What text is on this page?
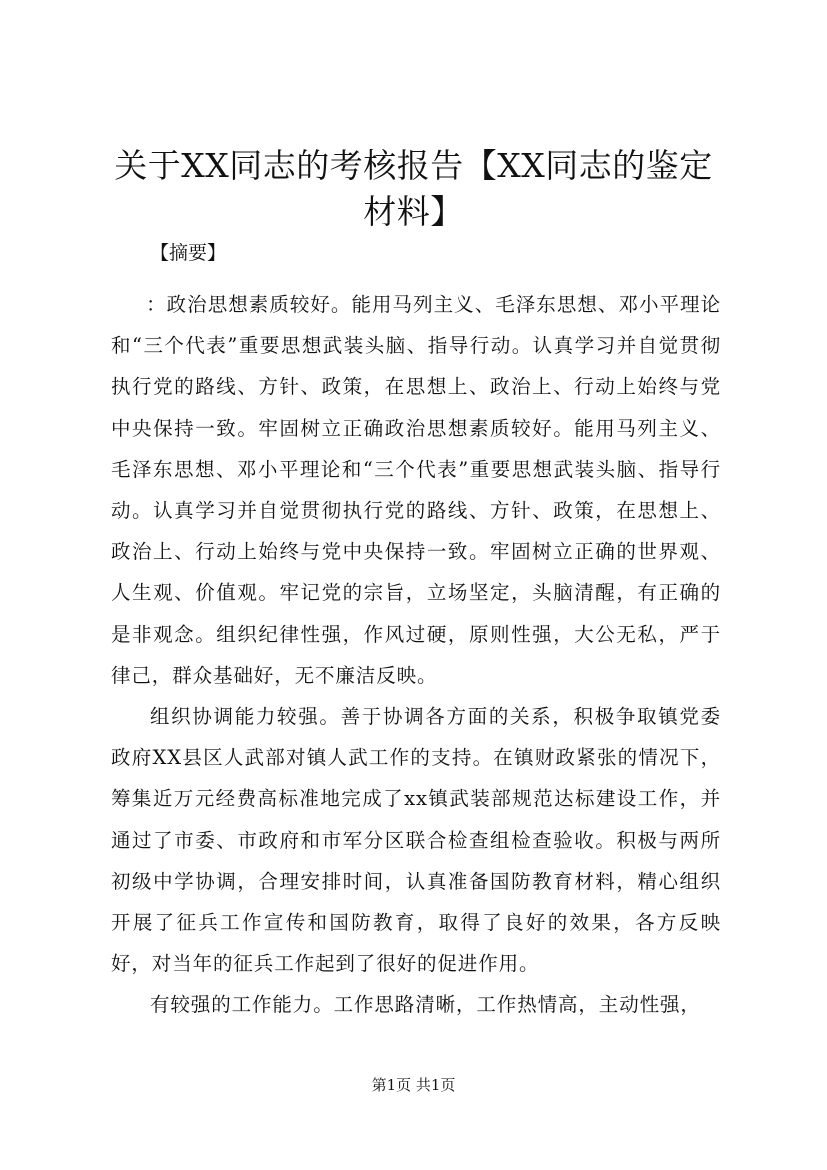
关于XX同志的考核报告【XX同志的鉴定材料】
【摘要】

：政治思想素质较好。能用马列主义、毛泽东思想、邓小平理论和“三个代表”重要思想武装头脑、指导行动。认真学习并自觉贯彻执行党的路线、方针、政策，在思想上、政治上、行动上始终与党中央保持一致。牢固树立正确政治思想素质较好。能用马列主义、毛泽东思想、邓小平理论和“三个代表”重要思想武装头脑、指导行动。认真学习并自觉贯彻执行党的路线、方针、政策，在思想上、政治上、行动上始终与党中央保持一致。牢固树立正确的世界观、人生观、价值观。牢记党的宗旨，立场坚定，头脑清醒，有正确的是非观念。组织纪律性强，作风过硬，原则性强，大公无私，严于律己，群众基础好，无不廉洁反映。

组织协调能力较强。善于协调各方面的关系，积极争取镇党委政府XX县区人武部对镇人武工作的支持。在镇财政紧张的情况下，筹集近万元经费高标准地完成了xx镇武装部规范达标建设工作，并通过了市委、市政府和市军分区联合检查组检查验收。积极与两所初级中学协调，合理安排时间，认真准备国防教育材料，精心组织开展了征兵工作宣传和国防教育，取得了良好的效果，各方反映好，对当年的征兵工作起到了很好的促进作用。

有较强的工作能力。工作思路清晰，工作热情高，主动性强，

第1页 共1页
